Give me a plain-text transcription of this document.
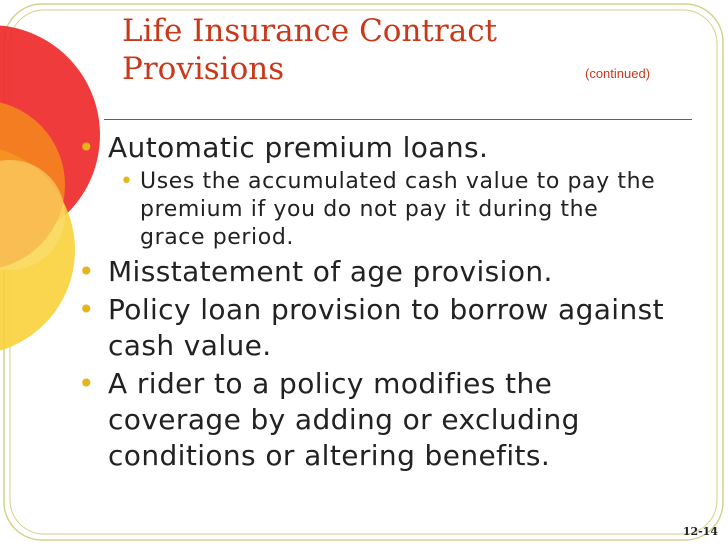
Life Insurance Contract Provisions	(continued)
• Automatic premium loans.
• Uses the accumulated cash value to pay the premium if you do not pay it during the grace period.
• Misstatement of age provision.
• Policy loan provision to borrow against cash value.
• A rider to a policy modifies the coverage by adding or excluding conditions or altering benefits.
12-14
